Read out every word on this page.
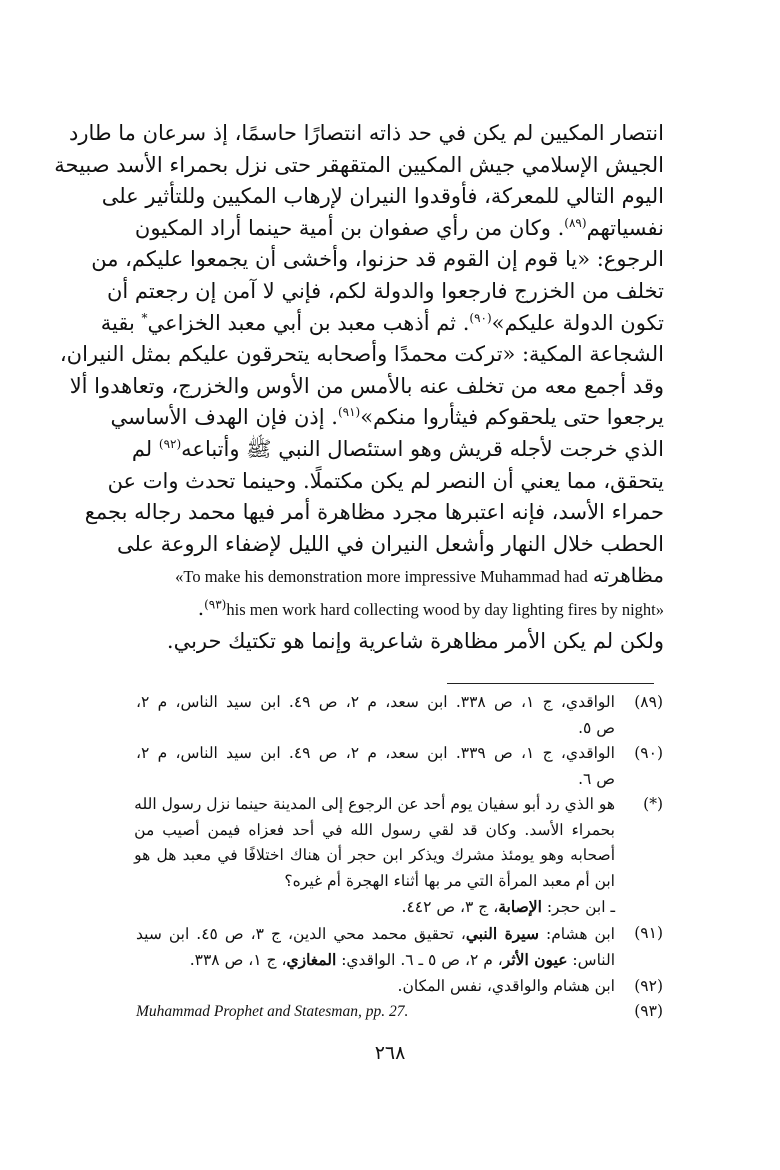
انتصار المكيين لم يكن في حد ذاته انتصارًا حاسمًا، إذ سرعان ما طارد
الجيش الإسلامي جيش المكيين المتقهقر حتى نزل بحمراء الأسد صبيحة
اليوم التالي للمعركة، فأوقدوا النيران لإرهاب المكيين وللتأثير على
نفسياتهم$^{(٨٩)}$. وكان من رأي صفوان بن أمية حينما أراد المكيون
الرجوع: «يا قوم إن القوم قد حزنوا، وأخشى أن يجمعوا عليكم، من
تخلف من الخزرج فارجعوا والدولة لكم، فإني لا آمن إن رجعتم أن
تكون الدولة عليكم»$^{(٩٠)}$. ثم أذهب معبد بن أبي معبد الخزاعي* بقية
الشجاعة المكية: «تركت محمدًا وأصحابه يتحرقون عليكم بمثل النيران،
وقد أجمع معه من تخلف عنه بالأمس من الأوس والخزرج، وتعاهدوا ألا
يرجعوا حتى يلحقوكم فيثأروا منكم»$^{(٩١)}$. إذن فإن الهدف الأساسي
الذي خرجت لأجله قريش وهو استئصال النبي ﷺ وأتباعه$^{(٩٢)}$ لم
يتحقق، مما يعني أن النصر لم يكن مكتملًا. وحينما تحدث وات عن
حمراء الأسد، فإنه اعتبرها مجرد مظاهرة أمر فيها محمد رجاله بجمع
الحطب خلال النهار وأشعل النيران في الليل لإضفاء الروعة على
مظاهرته «To make his demonstration more impressive Muhammad had
his men work hard collecting wood by day lighting fires by night»$^{(٩٣)}$.
ولكن لم يكن الأمر مظاهرة شاعرية وإنما هو تكتيك حربي.
(٨٩)
الواقدي، ج ١، ص ٣٣٨. ابن سعد، م ٢، ص ٤٩. ابن سيد الناس، م ٢،
ص ٥.
(٩٠)
الواقدي، ج ١، ص ٣٣٩. ابن سعد، م ٢، ص ٤٩. ابن سيد الناس، م ٢،
ص ٦.
(*)
هو الذي رد أبو سفيان يوم أحد عن الرجوع إلى المدينة حينما نزل رسول الله
بحمراء الأسد. وكان قد لقي رسول الله في أحد فعزاه فيمن أصيب من
أصحابه وهو يومئذ مشرك ويذكر ابن حجر أن هناك اختلافًا في معبد هل هو
ابن أم معبد المرأة التي مر بها أثناء الهجرة أم غيره؟
ـ ابن حجر: الإصابة، ج ٣، ص ٤٤٢.
(٩١)
ابن هشام: سيرة النبي، تحقيق محمد محي الدين، ج ٣، ص ٤٥. ابن سيد
الناس: عيون الأثر، م ٢، ص ٥ ـ ٦. الواقدي: المغازي، ج ١، ص ٣٣٨.
(٩٢)
ابن هشام والواقدي، نفس المكان.
(٩٣)
Muhammad Prophet and Statesman, pp. 27.
٢٦٨
